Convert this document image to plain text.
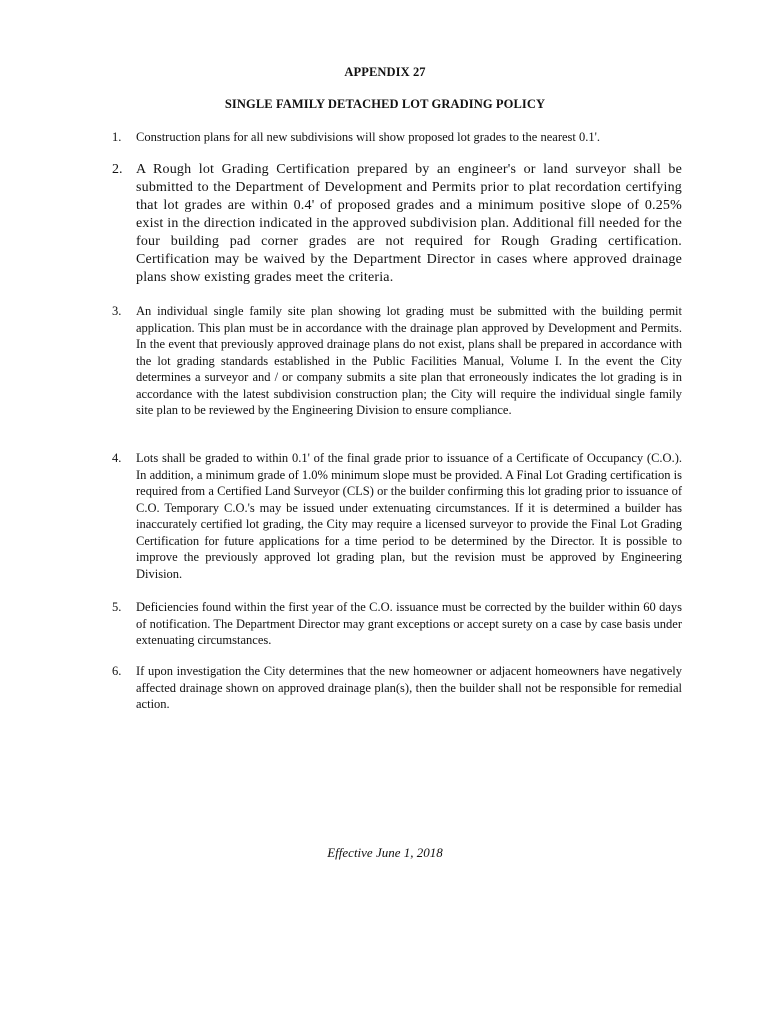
APPENDIX 27
SINGLE FAMILY DETACHED LOT GRADING POLICY
1.	Construction plans for all new subdivisions will show proposed lot grades to the nearest 0.1'.
2. A Rough lot Grading Certification prepared by an engineer's or land surveyor shall be submitted to the Department of Development and Permits prior to plat recordation certifying that lot grades are within 0.4' of proposed grades and a minimum positive slope of 0.25% exist in the direction indicated in the approved subdivision plan. Additional fill needed for the four building pad corner grades are not required for Rough Grading certification. Certification may be waived by the Department Director in cases where approved drainage plans show existing grades meet the criteria.
3.	An individual single family site plan showing lot grading must be submitted with the building permit application. This plan must be in accordance with the drainage plan approved by Development and Permits. In the event that previously approved drainage plans do not exist, plans shall be prepared in accordance with the lot grading standards established in the Public Facilities Manual, Volume I. In the event the City determines a surveyor and / or company submits a site plan that erroneously indicates the lot grading is in accordance with the latest subdivision construction plan; the City will require the individual single family site plan to be reviewed by the Engineering Division to ensure compliance.
4.	Lots shall be graded to within 0.1' of the final grade prior to issuance of a Certificate of Occupancy (C.O.). In addition, a minimum grade of 1.0% minimum slope must be provided. A Final Lot Grading certification is required from a Certified Land Surveyor (CLS) or the builder confirming this lot grading prior to issuance of C.O. Temporary C.O.'s may be issued under extenuating circumstances. If it is determined a builder has inaccurately certified lot grading, the City may require a licensed surveyor to provide the Final Lot Grading Certification for future applications for a time period to be determined by the Director. It is possible to improve the previously approved lot grading plan, but the revision must be approved by Engineering Division.
5.	Deficiencies found within the first year of the C.O. issuance must be corrected by the builder within 60 days of notification. The Department Director may grant exceptions or accept surety on a case by case basis under extenuating circumstances.
6.	If upon investigation the City determines that the new homeowner or adjacent homeowners have negatively affected drainage shown on approved drainage plan(s), then the builder shall not be responsible for remedial action.
Effective June 1, 2018
